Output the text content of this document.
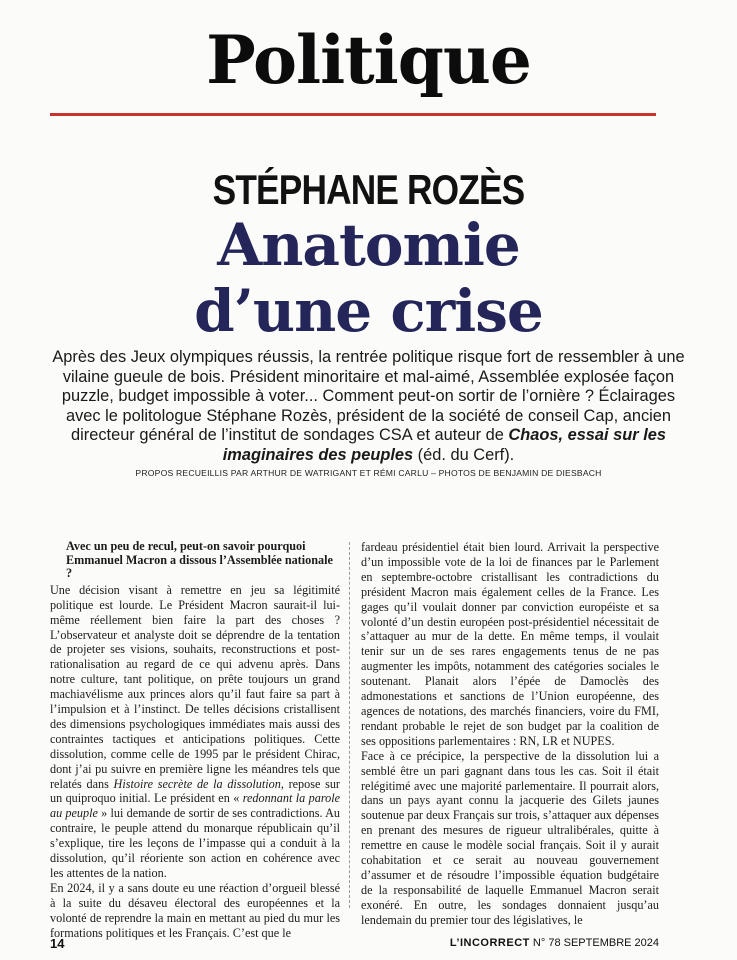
Politique
STÉPHANE ROZÈS
Anatomie
d’une crise
Après des Jeux olympiques réussis, la rentrée politique risque fort de ressembler à une vilaine gueule de bois. Président minoritaire et mal-aimé, Assemblée explosée façon puzzle, budget impossible à voter... Comment peut-on sortir de l’ornière ? Éclairages avec le politologue Stéphane Rozès, président de la société de conseil Cap, ancien directeur général de l’institut de sondages CSA et auteur de Chaos, essai sur les imaginaires des peuples (éd. du Cerf).
PROPOS RECUEILLIS PAR ARTHUR DE WATRIGANT ET RÉMI CARLU – PHOTOS DE BENJAMIN DE DIESBACH

Avec un peu de recul, peut-on savoir pourquoi Emmanuel Macron a dissous l’Assemblée nationale ?

Une décision visant à remettre en jeu sa légitimité politique est lourde. Le Président Macron saurait-il lui-même réellement bien faire la part des choses ? L’observateur et analyste doit se déprendre de la tentation de projeter ses visions, souhaits, reconstructions et post-rationalisation au regard de ce qui advenu après. Dans notre culture, tant politique, on prête toujours un grand machiavélisme aux princes alors qu’il faut faire sa part à l’impulsion et à l’instinct. De telles décisions cristallisent des dimensions psychologiques immédiates mais aussi des contraintes tactiques et anticipations politiques. Cette dissolution, comme celle de 1995 par le président Chirac, dont j’ai pu suivre en première ligne les méandres tels que relatés dans Histoire secrète de la dissolution, repose sur un quiproquo initial. Le président en « redonnant la parole au peuple » lui demande de sortir de ses contradictions. Au contraire, le peuple attend du monarque républicain qu’il s’explique, tire les leçons de l’impasse qui a conduit à la dissolution, qu’il réoriente son action en cohérence avec les attentes de la nation.

En 2024, il y a sans doute eu une réaction d’orgueil blessé à la suite du désaveu électoral des européennes et la volonté de reprendre la main en mettant au pied du mur les formations politiques et les Français. C’est que le

fardeau présidentiel était bien lourd. Arrivait la perspective d’un impossible vote de la loi de finances par le Parlement en septembre-octobre cristallisant les contradictions du président Macron mais également celles de la France. Les gages qu’il voulait donner par conviction européiste et sa volonté d’un destin européen post-présidentiel nécessitait de s’attaquer au mur de la dette. En même temps, il voulait tenir sur un de ses rares engagements tenus de ne pas augmenter les impôts, notamment des catégories sociales le soutenant. Planait alors l’épée de Damoclès des admonestations et sanctions de l’Union européenne, des agences de notations, des marchés financiers, voire du FMI, rendant probable le rejet de son budget par la coalition de ses oppositions parlementaires : RN, LR et NUPES.

Face à ce précipice, la perspective de la dissolution lui a semblé être un pari gagnant dans tous les cas. Soit il était relégitimé avec une majorité parlementaire. Il pourrait alors, dans un pays ayant connu la jacquerie des Gilets jaunes soutenue par deux Français sur trois, s’attaquer aux dépenses en prenant des mesures de rigueur ultralibérales, quitte à remettre en cause le modèle social français. Soit il y aurait cohabitation et ce serait au nouveau gouvernement d’assumer et de résoudre l’impossible équation budgétaire de la responsabilité de laquelle Emmanuel Macron serait exonéré. En outre, les sondages donnaient jusqu’au lendemain du premier tour des législatives, le

14	L’INCORRECT N° 78 SEPTEMBRE 2024
